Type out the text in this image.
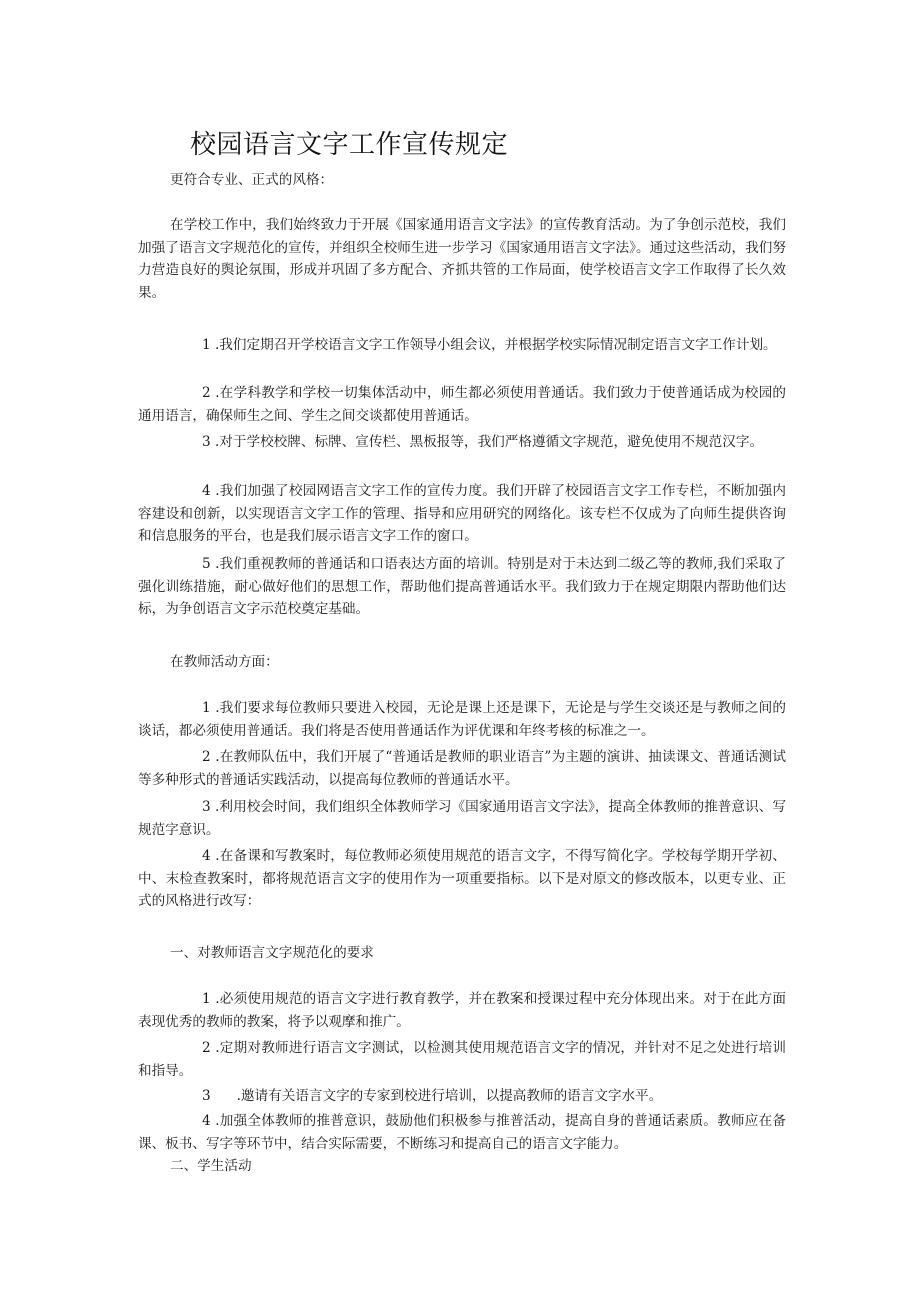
校园语言文字工作宣传规定

更符合专业、正式的风格：

在学校工作中，我们始终致力于开展《国家通用语言文字法》的宣传教育活动。为了争创示范校，我们加强了语言文字规范化的宣传，并组织全校师生进一步学习《国家通用语言文字法》。通过这些活动，我们努力营造良好的舆论氛围，形成并巩固了多方配合、齐抓共管的工作局面，使学校语言文字工作取得了长久效果。

1 .我们定期召开学校语言文字工作领导小组会议，并根据学校实际情况制定语言文字工作计划。

2 .在学科教学和学校一切集体活动中，师生都必须使用普通话。我们致力于使普通话成为校园的通用语言，确保师生之间、学生之间交谈都使用普通话。

3 .对于学校校牌、标牌、宣传栏、黑板报等，我们严格遵循文字规范，避免使用不规范汉字。

4 .我们加强了校园网语言文字工作的宣传力度。我们开辟了校园语言文字工作专栏，不断加强内容建设和创新，以实现语言文字工作的管理、指导和应用研究的网络化。该专栏不仅成为了向师生提供咨询和信息服务的平台，也是我们展示语言文字工作的窗口。

5 .我们重视教师的普通话和口语表达方面的培训。特别是对于未达到二级乙等的教师,我们采取了强化训练措施，耐心做好他们的思想工作，帮助他们提高普通话水平。我们致力于在规定期限内帮助他们达标，为争创语言文字示范校奠定基础。

在教师活动方面：

1 .我们要求每位教师只要进入校园，无论是课上还是课下，无论是与学生交谈还是与教师之间的谈话，都必须使用普通话。我们将是否使用普通话作为评优课和年终考核的标准之一。

2 .在教师队伍中，我们开展了“普通话是教师的职业语言”为主题的演讲、抽读课文、普通话测试等多种形式的普通话实践活动，以提高每位教师的普通话水平。

3 .利用校会时间，我们组织全体教师学习《国家通用语言文字法》，提高全体教师的推普意识、写规范字意识。

4 .在备课和写教案时，每位教师必须使用规范的语言文字，不得写简化字。学校每学期开学初、中、末检查教案时，都将规范语言文字的使用作为一项重要指标。以下是对原文的修改版本，以更专业、正式的风格进行改写：

一、对教师语言文字规范化的要求

1 .必须使用规范的语言文字进行教育教学，并在教案和授课过程中充分体现出来。对于在此方面表现优秀的教师的教案，将予以观摩和推广。

2 .定期对教师进行语言文字测试，以检测其使用规范语言文字的情况，并针对不足之处进行培训和指导。

3 .邀请有关语言文字的专家到校进行培训，以提高教师的语言文字水平。

4 .加强全体教师的推普意识，鼓励他们积极参与推普活动，提高自身的普通话素质。教师应在备课、板书、写字等环节中，结合实际需要，不断练习和提高自己的语言文字能力。

二、学生活动
